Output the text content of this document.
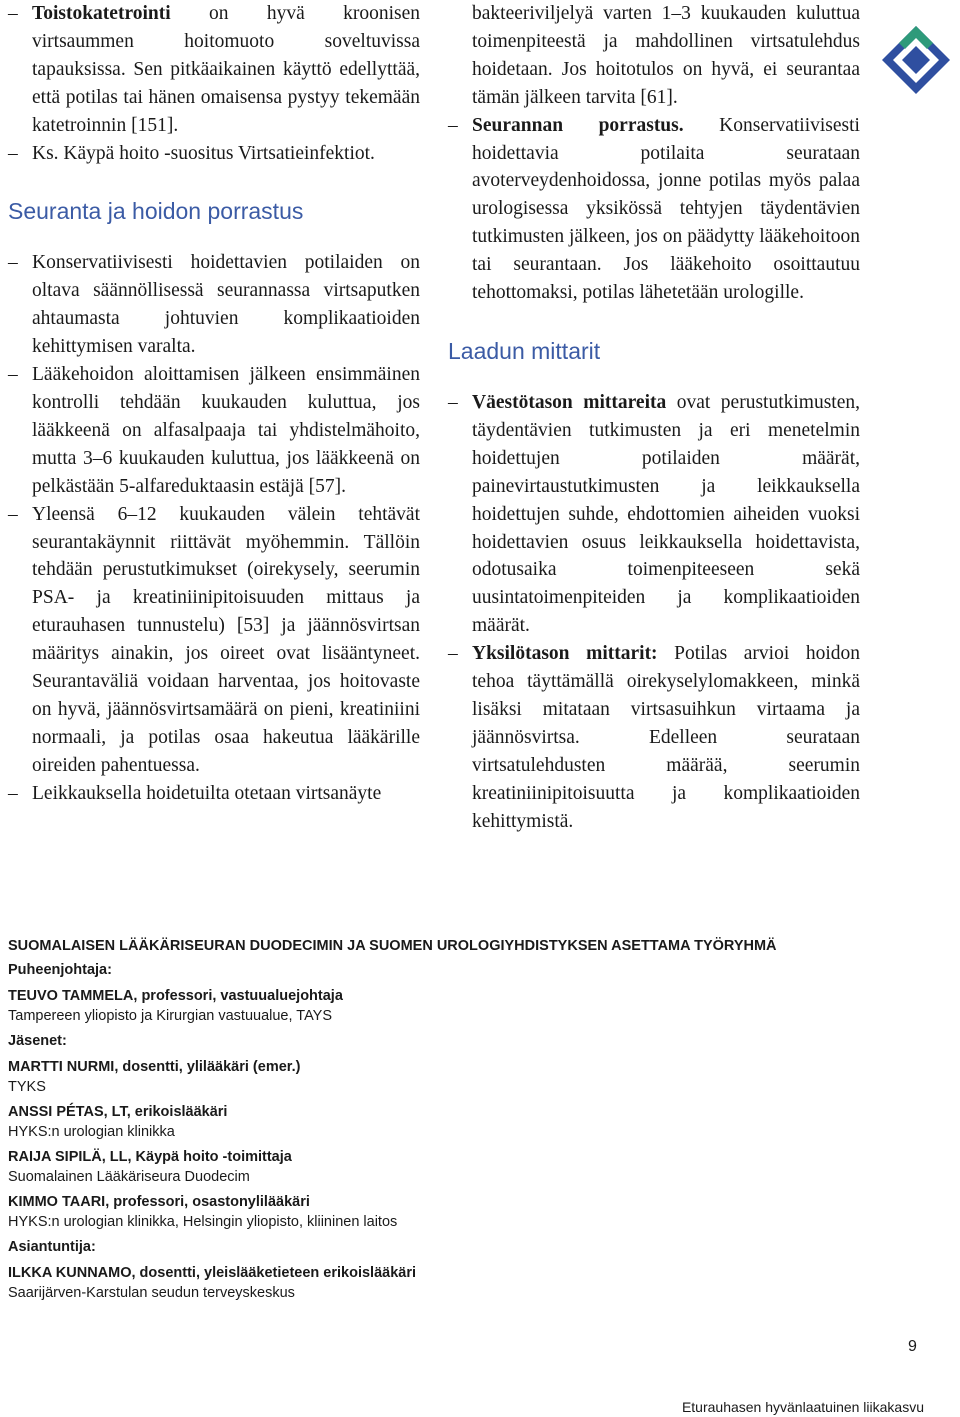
– Toistokatetrointi on hyvä kroonisen virtsaummen hoitomuoto soveltuvissa tapauksissa. Sen pitkäaikainen käyttö edellyttää, että potilas tai hänen omaisensa pystyy tekemään katetroinnin [151].
– Ks. Käypä hoito -suositus Virtsatieinfektiot.
Seuranta ja hoidon porrastus
– Konservatiivisesti hoidettavien potilaiden on oltava säännöllisessä seurannassa virtsaputken ahtaumasta johtuvien komplikaatioiden kehittymisen varalta.
– Lääkehoidon aloittamisen jälkeen ensimmäinen kontrolli tehdään kuukauden kuluttua, jos lääkkeenä on alfasalpaaja tai yhdistelmähoito, mutta 3–6 kuukauden kuluttua, jos lääkkeenä on pelkästään 5-alfareduktaasin estäjä [57].
– Yleensä 6–12 kuukauden välein tehtävät seurantakäynnit riittävät myöhemmin. Tällöin tehdään perustutkimukset (oirekysely, seerumin PSA- ja kreatiniinipitoisuuden mittaus ja eturauhasen tunnustelu) [53] ja jäännösvirtsan määritys ainakin, jos oireet ovat lisääntyneet. Seurantaväliä voidaan harventaa, jos hoitovaste on hyvä, jäännösvirtsamäärä on pieni, kreatiniini normaali, ja potilas osaa hakeutua lääkärille oireiden pahentuessa.
– Leikkauksella hoidetuilta otetaan virtsanäyte
bakteeriviljelyä varten 1–3 kuukauden kuluttua toimenpiteestä ja mahdollinen virtsatulehdus hoidetaan. Jos hoitotulos on hyvä, ei seurantaa tämän jälkeen tarvita [61].
– Seurannan porrastus. Konservatiivisesti hoidettavia potilaita seurataan avoterveydenhoidossa, jonne potilas myös palaa urologisessa yksikössä tehtyjen täydentävien tutkimusten jälkeen, jos on päädytty lääkehoitoon tai seurantaan. Jos lääkehoito osoittautuu tehottomaksi, potilas lähetetään urologille.
Laadun mittarit
– Väestötason mittareita ovat perustutkimusten, täydentävien tutkimusten ja eri menetelmin hoidettujen potilaiden määrät, painevirtaustutkimusten ja leikkauksella hoidettujen suhde, ehdottomien aiheiden vuoksi hoidettavien osuus leikkauksella hoidettavista, odotusaika toimenpiteeseen sekä uusintatoimenpiteiden ja komplikaatioiden määrät.
– Yksilötason mittarit: Potilas arvioi hoidon tehoa täyttämällä oirekyselylomakkeen, minkä lisäksi mitataan virtsasuihkun virtaama ja jäännösvirtsa. Edelleen seurataan virtsatulehdusten määrää, seerumin kreatiniinipitoisuutta ja komplikaatioiden kehittymistä.
SUOMALAISEN LÄÄKÄRISEURAN DUODECIMIN JA SUOMEN UROLOGIYHDISTYKSEN ASETTAMA TYÖRYHMÄ
Puheenjohtaja:
TEUVO TAMMELA, professori, vastuualuejohtaja
Tampereen yliopisto ja Kirurgian vastuualue, TAYS
Jäsenet:
MARTTI NURMI, dosentti, ylilääkäri (emer.)
TYKS
ANSSI PÉTAS, LT, erikoislääkäri
HYKS:n urologian klinikka
RAIJA SIPILÄ, LL, Käypä hoito -toimittaja
Suomalainen Lääkäriseura Duodecim
KIMMO TAARI, professori, osastonylilääkäri
HYKS:n urologian klinikka, Helsingin yliopisto, kliininen laitos
Asiantuntija:
ILKKA KUNNAMO, dosentti, yleislääketieteen erikoislääkäri
Saarijärven-Karstulan seudun terveyskeskus
9
Eturauhasen hyvänlaatuinen liikakasvu
